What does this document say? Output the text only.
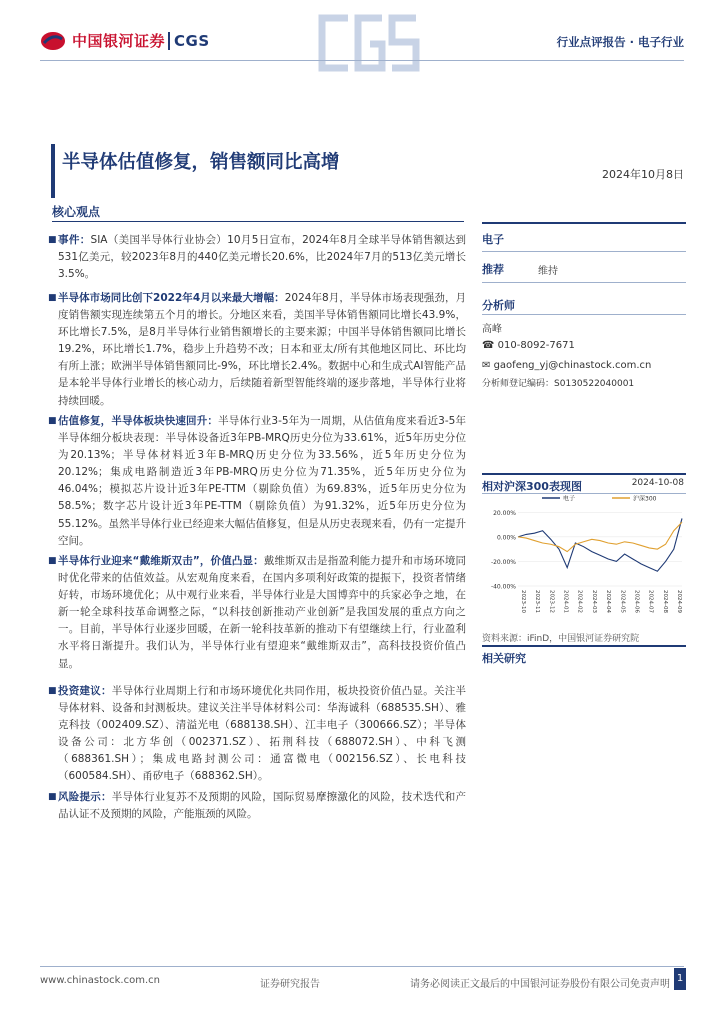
中国银河证券 CGS	行业点评报告 · 电子行业
半导体估值修复，销售额同比高增
2024年10月8日
核心观点
■ 事件：SIA（美国半导体行业协会）10月5日宣布，2024年8月全球半导体销售额达到531亿美元，较2023年8月的440亿美元增长20.6%，比2024年7月的513亿美元增长3.5%。
■ 半导体市场同比创下2022年4月以来最大增幅：2024年8月，半导体市场表现强劲，月度销售额实现连续第五个月的增长。分地区来看，美国半导体销售额同比增长43.9%，环比增长7.5%，是8月半导体行业销售额增长的主要来源；中国半导体销售额同比增长19.2%，环比增长1.7%，稳步上升趋势不改；日本和亚太/所有其他地区同比、环比均有所上涨；欧洲半导体销售额同比-9%，环比增长2.4%。数据中心和生成式AI智能产品是本轮半导体行业增长的核心动力，后续随着新型智能终端的逐步落地，半导体行业将持续回暖。
■ 估值修复，半导体板块快速回升：半导体行业3-5年为一周期，从估值角度来看近3-5年半导体细分板块表现：半导体设备近3年PB-MRQ历史分位为33.61%，近5年历史分位为20.13%；半导体材料近3年B-MRQ历史分位为33.56%，近5年历史分位为20.12%；集成电路制造近3年PB-MRQ历史分位为71.35%，近5年历史分位为46.04%；模拟芯片设计近3年PE-TTM（剔除负值）为69.83%，近5年历史分位为58.5%；数字芯片设计近3年PE-TTM（剔除负值）为91.32%，近5年历史分位为55.12%。虽然半导体行业已经迎来大幅估值修复，但是从历史表现来看，仍有一定提升空间。
■ 半导体行业迎来“戴维斯双击”，价值凸显：戴维斯双击是指盈利能力提升和市场环境同时优化带来的估值效益。从宏观角度来看，在国内多项利好政策的提振下，投资者情绪好转，市场环境优化；从中观行业来看，半导体行业是大国博弈中的兵家必争之地，在新一轮全球科技革命调整之际，“以科技创新推动产业创新”是我国发展的重点方向之一。目前，半导体行业逐步回暖，在新一轮科技革新的推动下有望继续上行，行业盈利水平将日渐提升。我们认为，半导体行业有望迎来“戴维斯双击”，高科技投资价值凸显。
■ 投资建议：半导体行业周期上行和市场环境优化共同作用，板块投资价值凸显。关注半导体材料、设备和封测板块。建议关注半导体材料公司：华海诚科（688535.SH）、雅克科技（002409.SZ）、清溢光电（688138.SH）、江丰电子（300666.SZ）；半导体设备公司：北方华创（002371.SZ）、拓荆科技（688072.SH）、中科飞测（688361.SH）；集成电路封测公司：通富微电（002156.SZ）、长电科技（600584.SH）、甬矽电子（688362.SH）。
■ 风险提示：半导体行业复苏不及预期的风险，国际贸易摩擦激化的风险，技术迭代和产品认证不及预期的风险，产能瓶颈的风险。
电子
推荐	维持
分析师
高峰
☎ 010-8092-7671
✉ gaofeng_yj@chinastock.com.cn
分析师登记编码：S0130522040001
相对沪深300表现图	2024-10-08
20.00%
0.00%
-20.00%
-40.00%
2023-10 2023-11 2023-12 2024-01 2024-02 2024-03 2024-04 2024-05 2024-06 2024-07 2024-08 2024-09
电子	沪深300
资料来源：iFinD，中国银河证券研究院
相关研究
www.chinastock.com.cn	证券研究报告	请务必阅读正文最后的中国银河证券股份有限公司免责声明
1
